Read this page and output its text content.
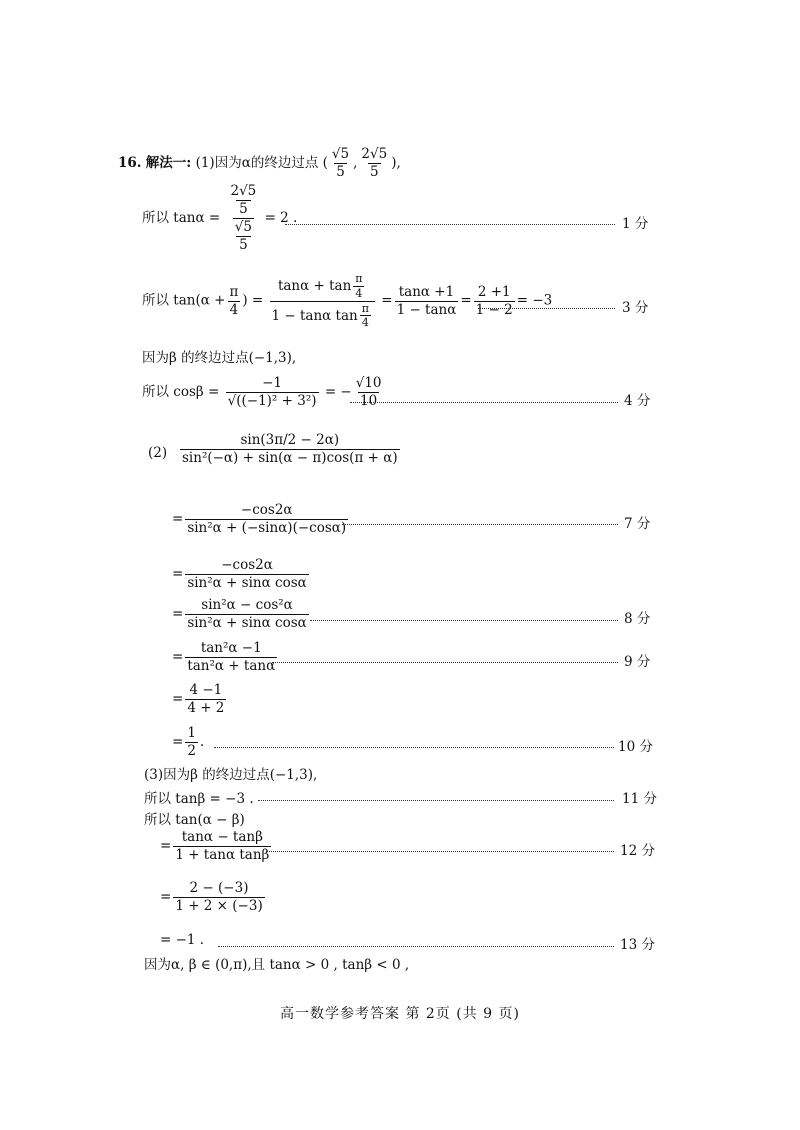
16. 解法一: (1)因为α的终边过点 ( $\frac{√5}{5}$ , $\frac{2√5}{5}$ ),
所以 $\tan\alpha = \frac{\frac{2√5}{5}}{\frac{√5}{5}} = 2$ .	1 分
所以 $\tan(\alpha + \frac{\pi}{4}$ ) = $\frac{\tan\alpha + \tan \frac{\pi}{4}}{1 - \tan\alpha \tan \frac{\pi}{4}} = \frac{\tan\alpha +1}{1 - \tan\alpha} = \frac{2 +1}{1 - 2} = -3$	3 分
因为β 的终边过点(−1,3),
所以 $\cos\beta = \frac{-1}{\text{√((−1)² + 3²)}}$ = − $\frac{√10}{10}$	4 分
$(2) \frac{\sin(3\pi/2 - 2\alpha)}{\text{sin²(−α) + sin(α − π)cos(π + α)}}$
= $\frac{-\cos 2\alpha}{\text{sin²α + (−sinα)(−cosα)}}$	7 分
= $\frac{-\cos 2\alpha}{\text{sin²α + sinα cosα}}$
= $\frac{\text{sin²α − cos²α}}{\text{sin²α + sinα cosα}}$	8 分
= $\frac{\text{tan²α −1}}{\text{tan²α + tanα}}$	9 分
= $\frac{4 -1}{4 + 2}$
= $\frac{1}{2}$ .	10 分
(3)因为β 的终边过点(−1,3),
所以 tanβ = −3 .	11 分
所以 tan(α − β)
= $\frac{\tan\alpha - \tan\beta}{\text{1 + tanα tanβ}}$	12 分
= $\frac{2 - (-3)}{1 + 2 \times (-3)}$
= −1 .	13 分
因为α, β ∈ (0,π),且 tanα > 0 , tanβ < 0 ,
高一数学参考答案 第 2页 (共 9 页)
